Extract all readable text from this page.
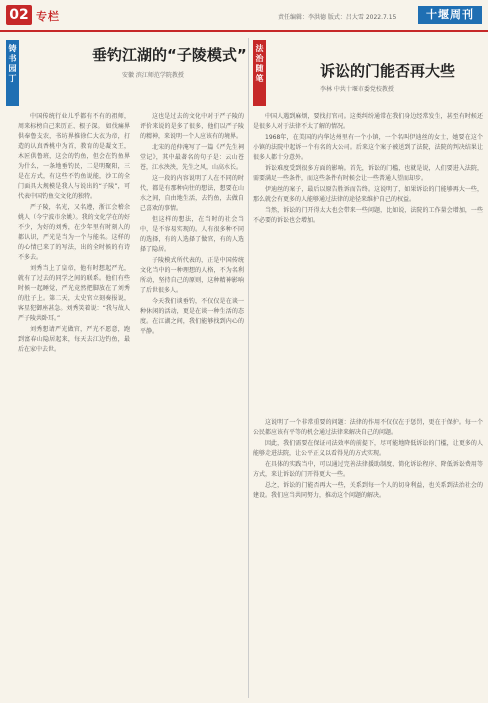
02 专栏	责任编辑：李洪德 版式：吕大雪 2022.7.15	十堰周刊
铸书园丁
垂钓江湖的“子陵模式”
安徽 滨江师范学院教授

中国传统行业儿乎都有不有的祖师，周来标榜自己来历正、根子深。 如伐痛界供奉鲁支农，书坊界推徐仁大衣为帝，打造的认真香桃中为首，教育的是凝文王，木匠供鲁班，这会的钓鱼，但会在钓鱼界为什么，一条地垂钓民，二是明聚阳，三是在方式，有这些不钓鱼说能，沙工的全门面具大规模是我人与说出的“子陵”，可代表中国钓鱼交文化的独特。

严子陵，名光，又名遵，浙江会稽余姚人（今宁波市余姚）。我的文化学在的好不少，为好的刘秀，在少年里有时刻人的都认识，严光是当为一个与能名。这样的的心情已来了的写法，出的全时候的有诗不多去。

刘秀当上了皇帝，他有时想起严光，就有了过去的同学之间的联系。他们有些时候一起睡觉，严光竟然把脚放在了刘秀的肚子上。第二天，太史官立刻奏报说，客星犯御座甚急。刘秀笑着说：“我与故人严子陵共卧耳。”

刘秀想请严光做官，严光不愿意，跑到富春山隐居起来，每天去江边钓鱼，最后在家中去世。

这也是过去的文化中对于严子陵的评价来说的是多了很多，他们以严子陵的精神，来说明一个人应该有的境界。

北宋的范仲淹写了一篇《严先生祠堂记》，其中最著名的句子是：云山苍苍，江水泱泱，先生之风，山高水长。

这一段的内容说明了人在不同的时代，都是有那种向往的想法，想要在山水之间，自由地生活，去钓鱼，去做自己喜欢的事情。

但这样的想法，在当时的社会当中，是不容易实现的。人有很多种不同的选择，有的人选择了做官，有的人选择了隐居。

子陵模式所代表的，正是中国传统文化当中的一种理想的人格，不为名利所动，坚持自己的原则，这种精神影响了后世很多人。

今天我们谈垂钓，不仅仅是在谈一种休闲的活动，更是在谈一种生活的态度。在江湖之间，我们能够找到内心的平静。

法治随笔	诉讼的门能否再大些
李林 中共十堰市委党校教授

中国人遇到麻烦，要找打官司。这类纠纷通常在我们身边经常发生，甚至有时候还是很多人对于法律不太了解的情况。

1968年，在美国的内华达州里有一个小镇，一个名叫伊迪丝的女士，她要在这个小镇的法院中起诉一个有名的大公司。后来这个案子被送到了法院，法院的判决结果让很多人都十分意外。

诉讼难度受到很多方面的影响。首先，诉讼的门槛，也就是说，人们要进入法院，需要满足一些条件，而这些条件有时候会让一些普通人望而却步。

伊迪丝的案子，最后以原告胜诉而告终。这说明了，如果诉讼的门能够再大一些，那么就会有更多的人能够通过法律的途径来维护自己的权益。

当然，诉讼的门开得太大也会带来一些问题，比如说，法院的工作量会增加，一些不必要的诉讼也会增加。

这说明了一个非常重要的问题：法律的作用不仅仅在于惩罚，更在于保护。每一个公民都应该有平等的机会通过法律来解决自己的问题。

因此，我们需要在保证司法效率的前提下，尽可能地降低诉讼的门槛，让更多的人能够走进法院，让公平正义以看得见的方式实现。

在具体的实践当中，可以通过完善法律援助制度、简化诉讼程序、降低诉讼费用等方式，来让诉讼的门开得更大一些。

总之，诉讼的门能否再大一些，关系到每一个人的切身利益，也关系到法治社会的建设。我们应当共同努力，推动这个问题的解决。
